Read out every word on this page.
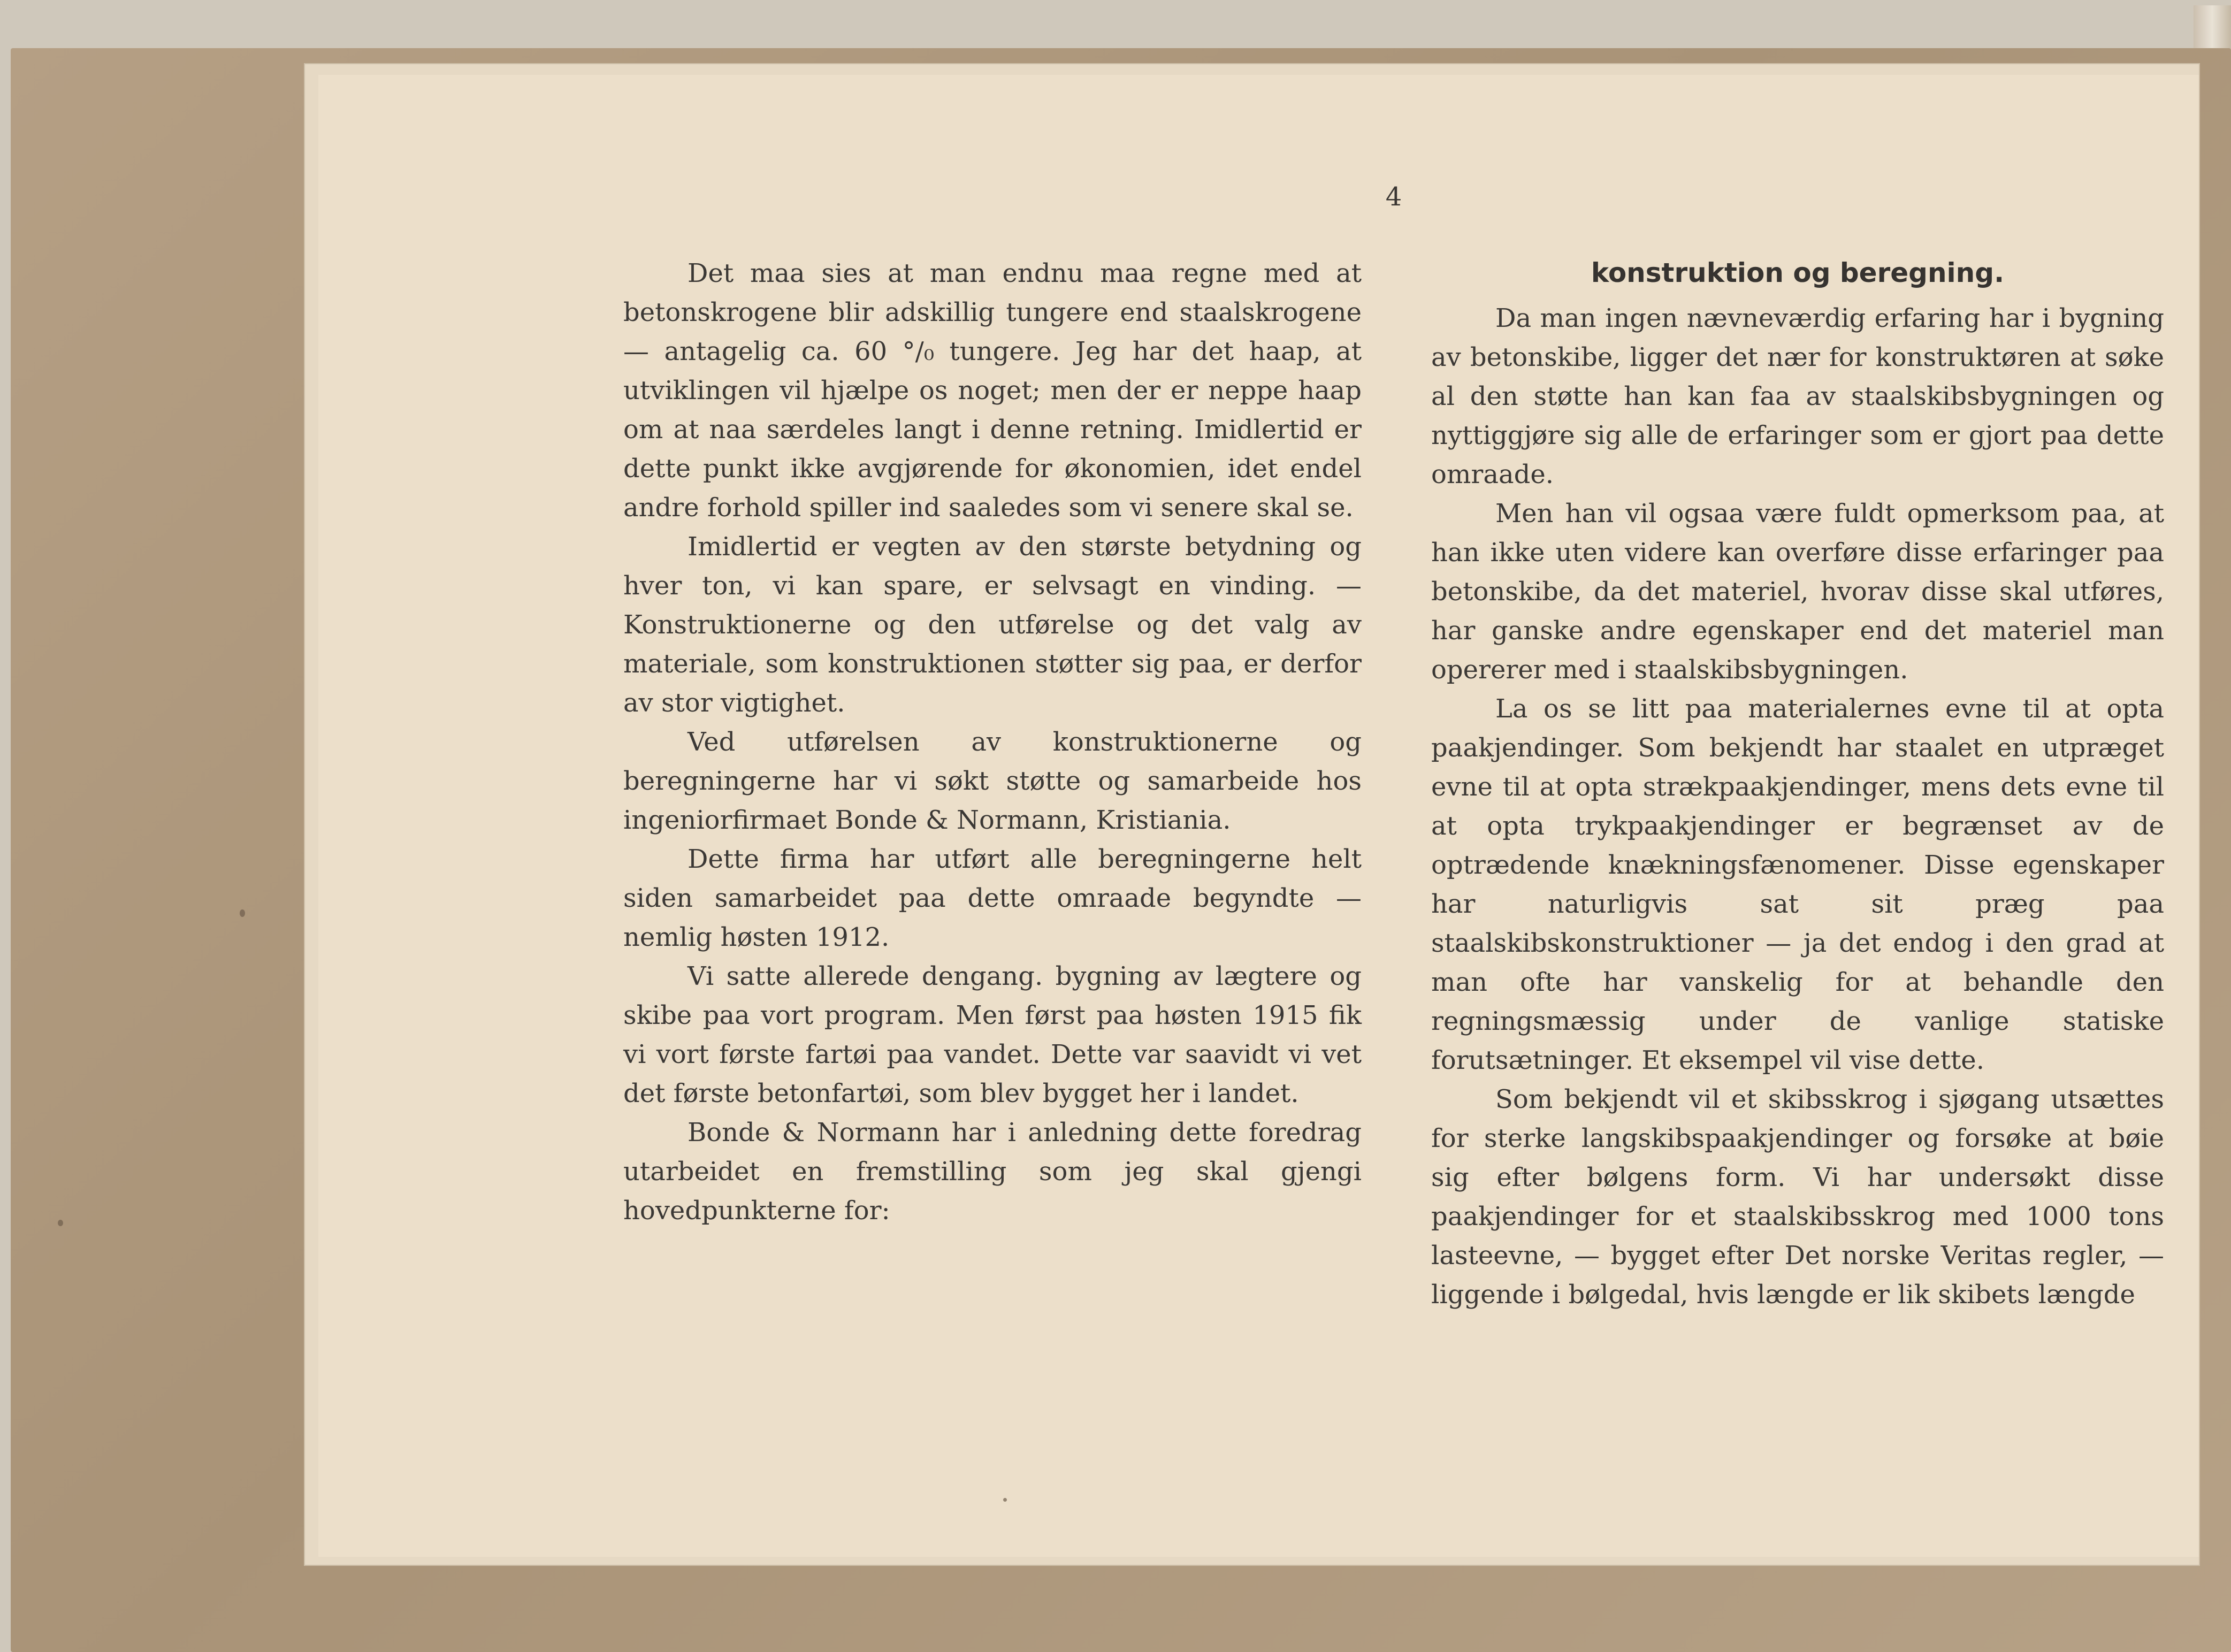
4

Det maa sies at man endnu maa regne med at betonskrogene blir adskillig tungere end staalskrogene — antagelig ca. 60 °/₀ tungere. Jeg har det haap, at utviklingen vil hjælpe os noget; men der er neppe haap om at naa særdeles langt i denne retning. Imidlertid er dette punkt ikke avgjørende for økonomien, idet endel andre forhold spiller ind saaledes som vi senere skal se.

Imidlertid er vegten av den største betydning og hver ton, vi kan spare, er selvsagt en vinding. — Konstruktionerne og den utførelse og det valg av materiale, som konstruktionen støtter sig paa, er derfor av stor vigtighet.

Ved utførelsen av konstruktionerne og beregningerne har vi søkt støtte og samarbeide hos ingeniorfirmaet Bonde & Normann, Kristiania.

Dette firma har utført alle beregningerne helt siden samarbeidet paa dette omraade begyndte — nemlig høsten 1912.

Vi satte allerede dengang. bygning av lægtere og skibe paa vort program. Men først paa høsten 1915 fik vi vort første fartøi paa vandet. Dette var saavidt vi vet det første betonfartøi, som blev bygget her i landet.

Bonde & Normann har i anledning dette foredrag utarbeidet en fremstilling som jeg skal gjengi hovedpunkterne for:

konstruktion og beregning.

Da man ingen nævneværdig erfaring har i bygning av betonskibe, ligger det nær for konstruktøren at søke al den støtte han kan faa av staalskibsbygningen og nyttiggjøre sig alle de erfaringer som er gjort paa dette omraade.

Men han vil ogsaa være fuldt opmerksom paa, at han ikke uten videre kan overføre disse erfaringer paa betonskibe, da det materiel, hvorav disse skal utføres, har ganske andre egenskaper end det materiel man opererer med i staalskibsbygningen.

La os se litt paa materialernes evne til at opta paakjendinger. Som bekjendt har staalet en utpræget evne til at opta strækpaakjendinger, mens dets evne til at opta trykpaakjendinger er begrænset av de optrædende knækningsfænomener. Disse egenskaper har naturligvis sat sit præg paa staalskibskonstruktioner — ja det endog i den grad at man ofte har vanskelig for at behandle den regningsmæssig under de vanlige statiske forutsætninger. Et eksempel vil vise dette.

Som bekjendt vil et skibsskrog i sjøgang utsættes for sterke langskibspaakjendinger og forsøke at bøie sig efter bølgens form. Vi har undersøkt disse paakjendinger for et staalskibsskrog med 1000 tons lasteevne, — bygget efter Det norske Veritas regler, — liggende i bølgedal, hvis længde er lik skibets længde
